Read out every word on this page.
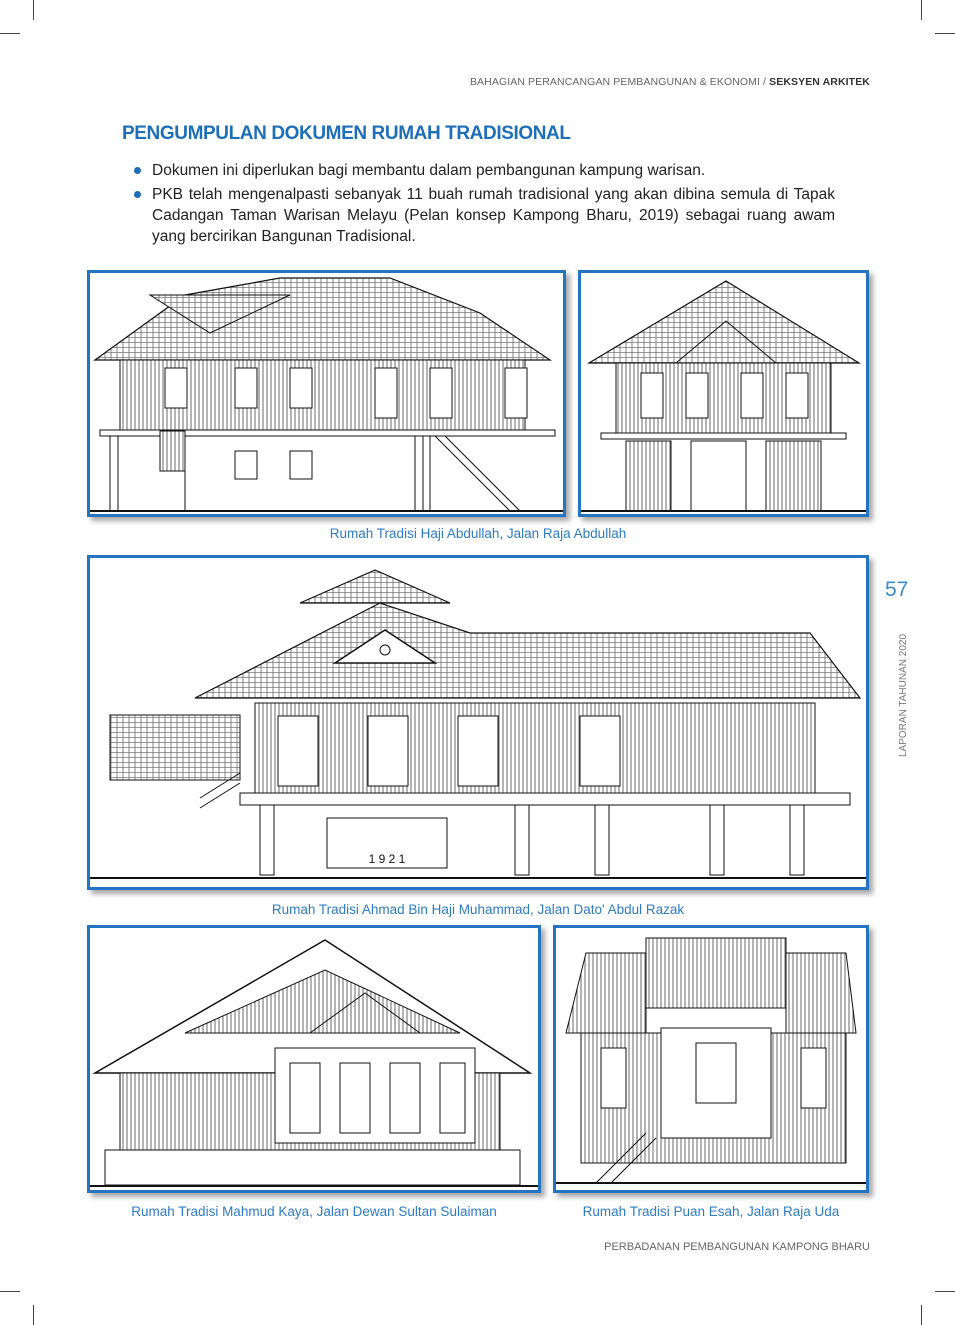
BAHAGIAN PERANCANGAN PEMBANGUNAN & EKONOMI / SEKSYEN ARKITEK
PENGUMPULAN DOKUMEN RUMAH TRADISIONAL
Dokumen ini diperlukan bagi membantu dalam pembangunan kampung warisan.
PKB telah mengenalpasti sebanyak 11 buah rumah tradisional yang akan dibina semula di Tapak Cadangan Taman Warisan Melayu (Pelan konsep Kampong Bharu, 2019) sebagai ruang awam yang bercirikan Bangunan Tradisional.
Rumah Tradisi Haji Abdullah, Jalan Raja Abdullah
1 9 2 1
57
LAPORAN TAHUNAN 2020
Rumah Tradisi Ahmad Bin Haji Muhammad, Jalan Dato' Abdul Razak
Rumah Tradisi Mahmud Kaya, Jalan Dewan Sultan Sulaiman	Rumah Tradisi Puan Esah, Jalan Raja Uda
PERBADANAN PEMBANGUNAN KAMPONG BHARU
